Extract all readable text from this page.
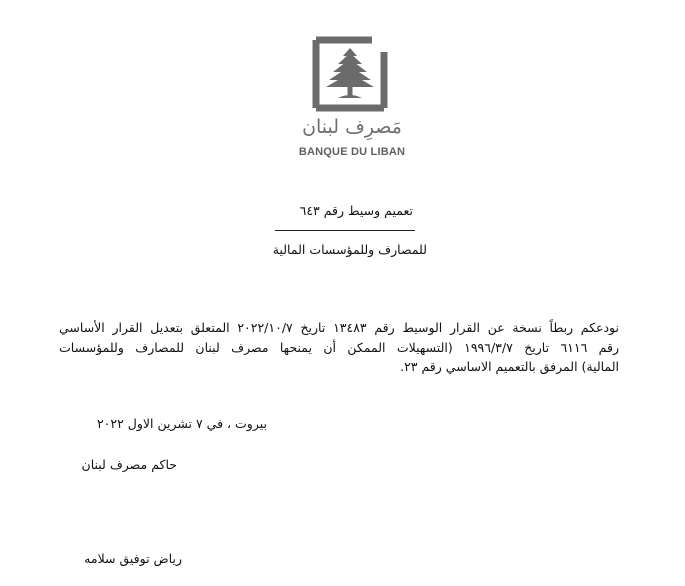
مَصرِف لبنان
BANQUE DU LIBAN
تعميم وسيط رقم ٦٤٣
للمصارف وللمؤسسات المالية
نودعكم ربطاً نسخة عن القرار الوسيط رقم ١٣٤٨٣ تاريخ ٢٠٢٢/١٠/٧ المتعلق بتعديل القرار الأساسي
رقم ٦١١٦ تاريخ ١٩٩٦/٣/٧ (التسهيلات الممكن أن يمنحها مصرف لبنان للمصارف وللمؤسسات
المالية) المرفق بالتعميم الاساسي رقم ٢٣.
بيروت ، في ٧ تشرين الاول ٢٠٢٢
حاكم مصرف لبنان
رياض توفيق سلامه
